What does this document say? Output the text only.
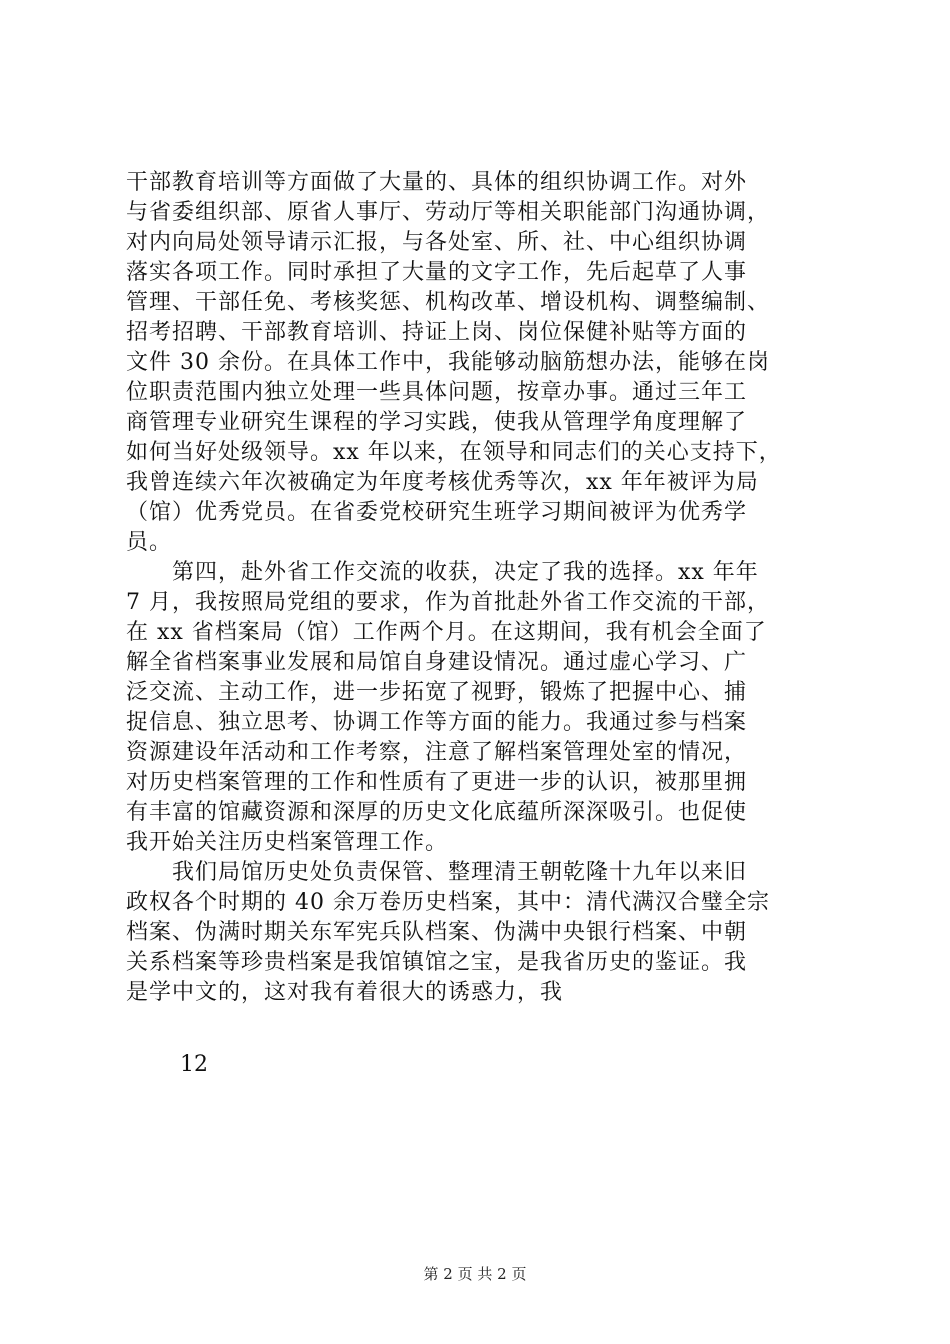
干部教育培训等方面做了大量的、具体的组织协调工作。对外
与省委组织部、原省人事厅、劳动厅等相关职能部门沟通协调，
对内向局处领导请示汇报，与各处室、所、社、中心组织协调
落实各项工作。同时承担了大量的文字工作，先后起草了人事
管理、干部任免、考核奖惩、机构改革、增设机构、调整编制、
招考招聘、干部教育培训、持证上岗、岗位保健补贴等方面的
文件 30 余份。在具体工作中，我能够动脑筋想办法，能够在岗
位职责范围内独立处理一些具体问题，按章办事。通过三年工
商管理专业研究生课程的学习实践，使我从管理学角度理解了
如何当好处级领导。xx 年以来，在领导和同志们的关心支持下，
我曾连续六年次被确定为年度考核优秀等次，xx 年年被评为局
（馆）优秀党员。在省委党校研究生班学习期间被评为优秀学
员。
　　第四，赴外省工作交流的收获，决定了我的选择。xx 年年
7 月，我按照局党组的要求，作为首批赴外省工作交流的干部，
在 xx 省档案局（馆）工作两个月。在这期间，我有机会全面了
解全省档案事业发展和局馆自身建设情况。通过虚心学习、广
泛交流、主动工作，进一步拓宽了视野，锻炼了把握中心、捕
捉信息、独立思考、协调工作等方面的能力。我通过参与档案
资源建设年活动和工作考察，注意了解档案管理处室的情况，
对历史档案管理的工作和性质有了更进一步的认识，被那里拥
有丰富的馆藏资源和深厚的历史文化底蕴所深深吸引。也促使
我开始关注历史档案管理工作。
　　我们局馆历史处负责保管、整理清王朝乾隆十九年以来旧
政权各个时期的 40 余万卷历史档案，其中：清代满汉合璧全宗
档案、伪满时期关东军宪兵队档案、伪满中央银行档案、中朝
关系档案等珍贵档案是我馆镇馆之宝，是我省历史的鉴证。我
是学中文的，这对我有着很大的诱惑力，我
12
第 2 页 共 2 页
